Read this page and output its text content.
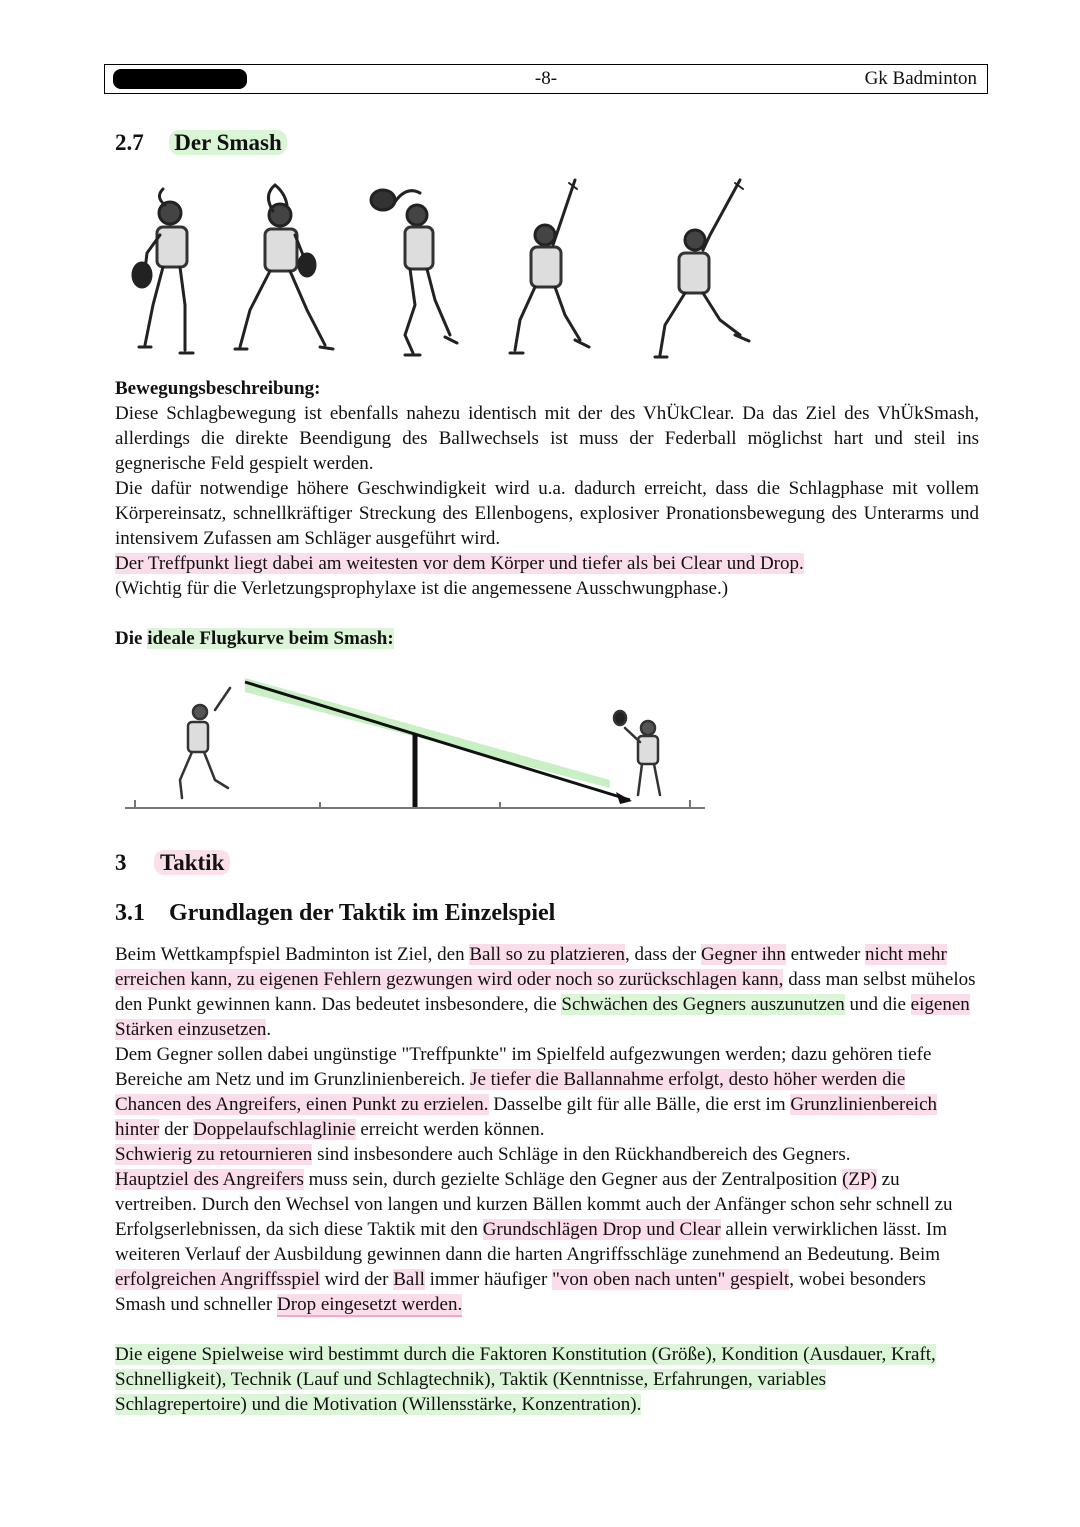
-8-	Gk Badminton
2.7 Der Smash
Bewegungsbeschreibung:
Diese Schlagbewegung ist ebenfalls nahezu identisch mit der des VhÜkClear. Da das Ziel des VhÜkSmash, allerdings die direkte Beendigung des Ballwechsels ist muss der Federball möglichst hart und steil ins gegnerische Feld gespielt werden.
Die dafür notwendige höhere Geschwindigkeit wird u.a. dadurch erreicht, dass die Schlagphase mit vollem Körpereinsatz, schnellkräftiger Streckung des Ellenbogens, explosiver Pronationsbewegung des Unterarms und intensivem Zufassen am Schläger ausgeführt wird.
Der Treffpunkt liegt dabei am weitesten vor dem Körper und tiefer als bei Clear und Drop.
(Wichtig für die Verletzungsprophylaxe ist die angemessene Ausschwungphase.)
Die ideale Flugkurve beim Smash:
3 Taktik
3.1 Grundlagen der Taktik im Einzelspiel
Beim Wettkampfspiel Badminton ist Ziel, den Ball so zu platzieren, dass der Gegner ihn entweder nicht mehr erreichen kann, zu eigenen Fehlern gezwungen wird oder noch so zurückschlagen kann, dass man selbst mühelos den Punkt gewinnen kann. Das bedeutet insbesondere, die Schwächen des Gegners auszunutzen und die eigenen Stärken einzusetzen.
Dem Gegner sollen dabei ungünstige "Treffpunkte" im Spielfeld aufgezwungen werden; dazu gehören tiefe Bereiche am Netz und im Grunzlinienbereich. Je tiefer die Ballannahme erfolgt, desto höher werden die Chancen des Angreifers, einen Punkt zu erzielen. Dasselbe gilt für alle Bälle, die erst im Grunzlinienbereich hinter der Doppelaufschlaglinie erreicht werden können.
Schwierig zu retournieren sind insbesondere auch Schläge in den Rückhandbereich des Gegners.
Hauptziel des Angreifers muss sein, durch gezielte Schläge den Gegner aus der Zentralposition (ZP) zu vertreiben. Durch den Wechsel von langen und kurzen Bällen kommt auch der Anfänger schon sehr schnell zu Erfolgserlebnissen, da sich diese Taktik mit den Grundschlägen Drop und Clear allein verwirklichen lässt. Im weiteren Verlauf der Ausbildung gewinnen dann die harten Angriffsschläge zunehmend an Bedeutung. Beim erfolgreichen Angriffsspiel wird der Ball immer häufiger "von oben nach unten" gespielt, wobei besonders Smash und schneller Drop eingesetzt werden.
Die eigene Spielweise wird bestimmt durch die Faktoren Konstitution (Größe), Kondition (Ausdauer, Kraft, Schnelligkeit), Technik (Lauf und Schlagtechnik), Taktik (Kenntnisse, Erfahrungen, variables Schlagrepertoire) und die Motivation (Willensstärke, Konzentration).
